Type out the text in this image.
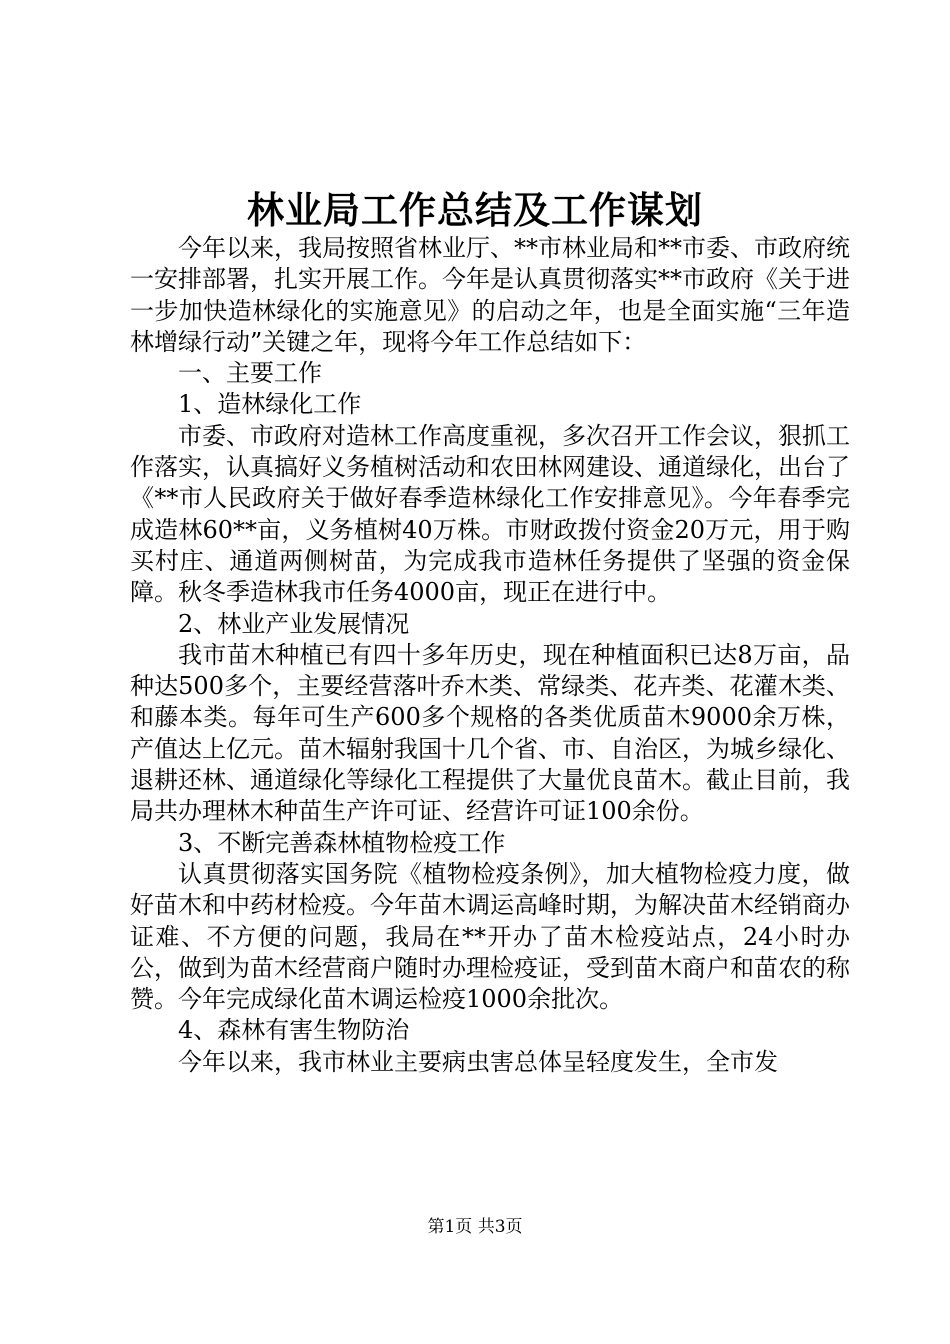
林业局工作总结及工作谋划

今年以来，我局按照省林业厅、**市林业局和**市委、市政府统一安排部署，扎实开展工作。今年是认真贯彻落实**市政府《关于进一步加快造林绿化的实施意见》的启动之年，也是全面实施“三年造林增绿行动”关键之年，现将今年工作总结如下：

一、主要工作

1、造林绿化工作

市委、市政府对造林工作高度重视，多次召开工作会议，狠抓工作落实，认真搞好义务植树活动和农田林网建设、通道绿化，出台了《**市人民政府关于做好春季造林绿化工作安排意见》。今年春季完成造林60**亩，义务植树40万株。市财政拨付资金20万元，用于购买村庄、通道两侧树苗，为完成我市造林任务提供了坚强的资金保障。秋冬季造林我市任务4000亩，现正在进行中。

2、林业产业发展情况

我市苗木种植已有四十多年历史，现在种植面积已达8万亩，品种达500多个，主要经营落叶乔木类、常绿类、花卉类、花灌木类、和藤本类。每年可生产600多个规格的各类优质苗木9000余万株，产值达上亿元。苗木辐射我国十几个省、市、自治区，为城乡绿化、退耕还林、通道绿化等绿化工程提供了大量优良苗木。截止目前，我局共办理林木种苗生产许可证、经营许可证100余份。

3、不断完善森林植物检疫工作

认真贯彻落实国务院《植物检疫条例》，加大植物检疫力度，做好苗木和中药材检疫。今年苗木调运高峰时期，为解决苗木经销商办证难、不方便的问题，我局在**开办了苗木检疫站点，24小时办公，做到为苗木经营商户随时办理检疫证，受到苗木商户和苗农的称赞。今年完成绿化苗木调运检疫1000余批次。

4、森林有害生物防治

今年以来，我市林业主要病虫害总体呈轻度发生，全市发

第1页 共3页
